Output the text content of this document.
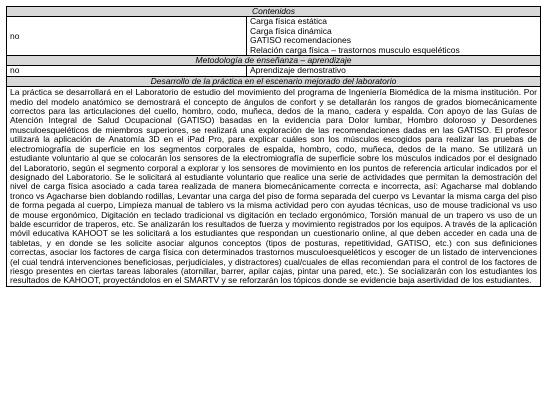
Contenidos	
no	Carga física estática
Carga física dinámica
GATISO recomendaciones
Relación carga física – trastornos musculo esqueléticos

Metodología de enseñanza – aprendizaje	
no	Aprendizaje demostrativo
Desarrollo de la práctica en el escenario mejorado del laboratorio	
La práctica se desarrollará en el Laboratorio de estudio del movimiento del programa de Ingeniería Biomédica de la misma institución. Por medio del modelo anatómico se demostrará el concepto de ángulos de confort y se detallarán los rangos de grados biomecánicamente correctos para las articulaciones del cuello, hombro, codo, muñeca, dedos de la mano, cadera y espalda. Con apoyo de las Guías de Atención Integral de Salud Ocupacional (GATISO) basadas en la evidencia para Dolor lumbar, Hombro doloroso y Desordenes musculoesqueléticos de miembros superiores, se realizará una exploración de las recomendaciones dadas en las GATISO. El profesor utilizará la aplicación de Anatomía 3D en el iPad Pro, para explicar cuáles son los músculos escogidos para realizar las pruebas de electromiografía de superficie en los segmentos corporales de espalda, hombro, codo, muñeca, dedos de la mano. Se utilizará un estudiante voluntario al que se colocarán los sensores de la electromiografía de superficie sobre los músculos indicados por el designado del Laboratorio, según el segmento corporal a explorar y los sensores de movimiento en los puntos de referencia articular indicados por el designado del Laboratorio. Se le solicitará al estudiante voluntario que realice una serie de actividades que permitan la demostración del nivel de carga física asociado a cada tarea realizada de manera biomecánicamente correcta e incorrecta, así: Agacharse mal doblando tronco vs Agacharse bien doblando rodillas, Levantar una carga del piso de forma separada del cuerpo vs Levantar la misma carga del piso de forma pegada al cuerpo, Limpieza manual de tablero vs la misma actividad pero con ayudas técnicas, uso de mouse tradicional vs uso de mouse ergonómico, Digitación en teclado tradicional vs digitación en teclado ergonómico, Torsión manual de un trapero vs uso de un balde escurridor de traperos, etc. Se analizarán los resultados de fuerza y movimiento registrados por los equipos. A través de la aplicación móvil educativa KAHOOT se les solicitará a los estudiantes que respondan un cuestionario online, al que deben acceder en cada una de tabletas, y en donde se les solicite asociar algunos conceptos (tipos de posturas, repetitividad, GATISO, etc.) con sus definiciones correctas, asociar los factores de carga física con determinados trastornos musculoesqueléticos y escoger de un listado de intervenciones (el cual tendrá intervenciones beneficiosas, perjudiciales, y distractores) cual/cuales de ellas recomiendan para el control de los factores de riesgo presentes en ciertas tareas laborales (atornillar, barrer, apilar cajas, pintar una pared, etc.). Se socializarán con los estudiantes los resultados de KAHOOT, proyectándolos en el SMARTV y se reforzarán los tópicos donde se evidencie baja asertividad de los estudiantes.	
